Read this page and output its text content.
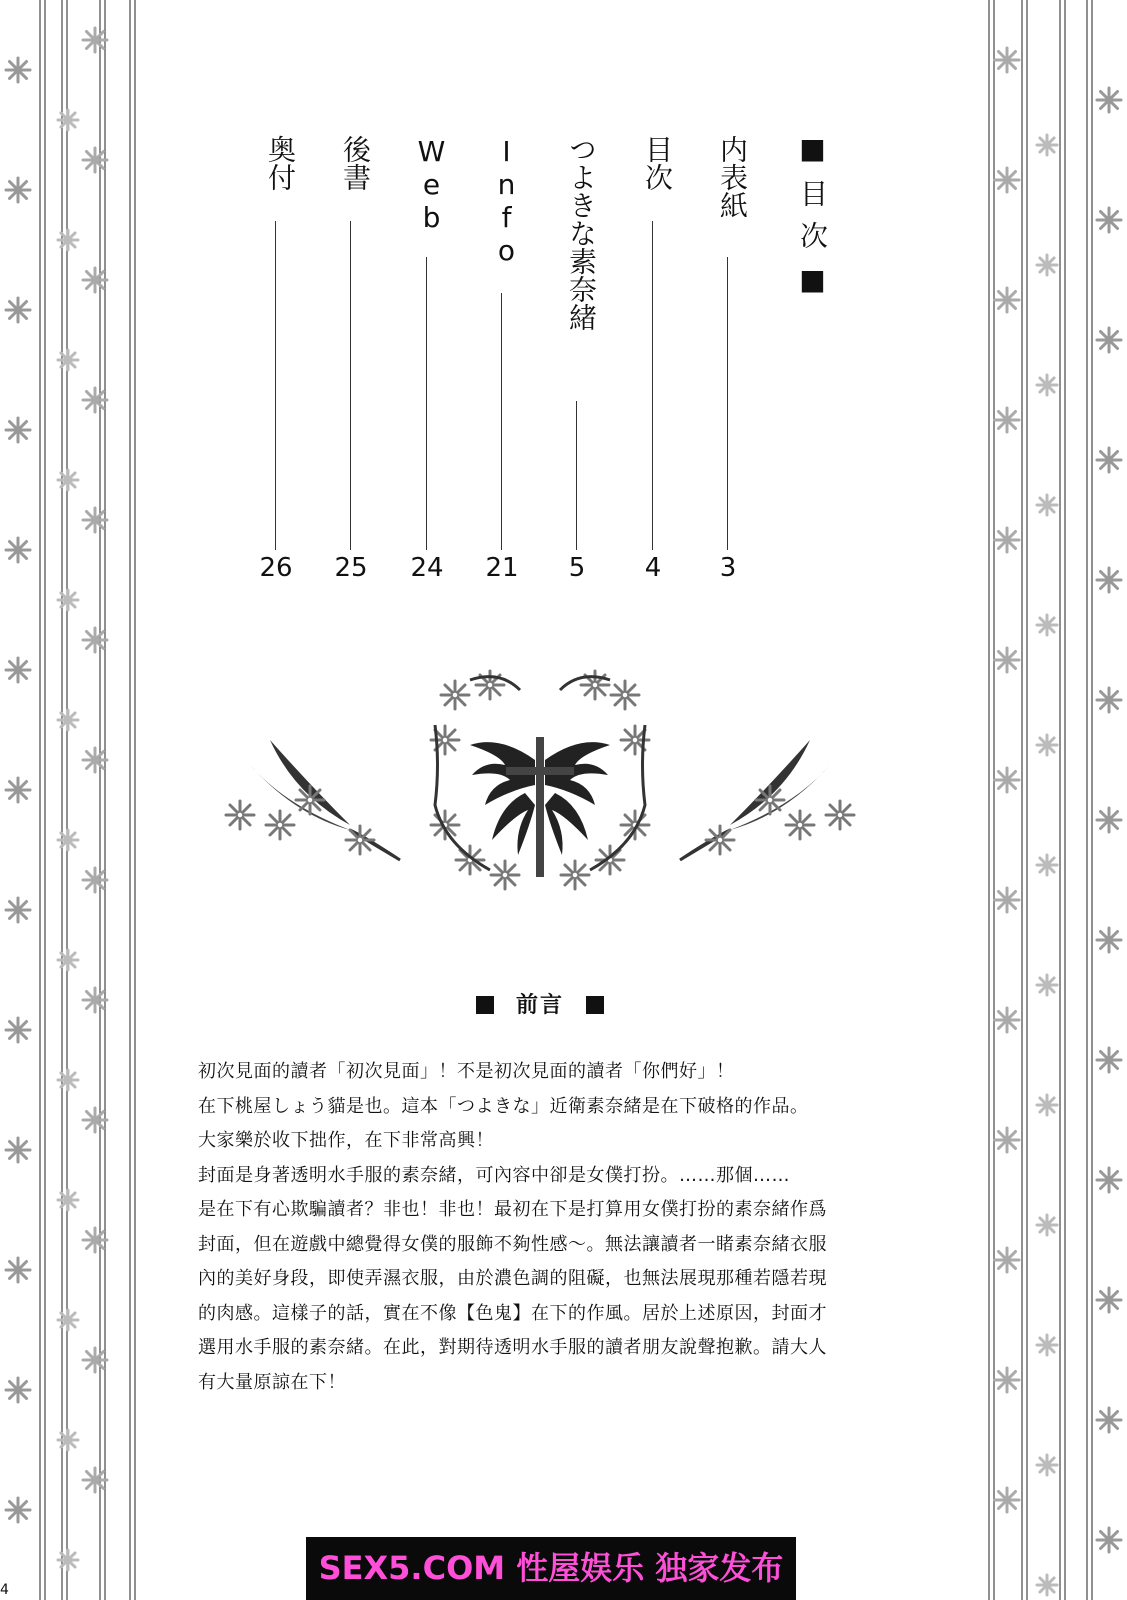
■目次■
内表紙
3
目次
4
つよきな素奈緒
5
Info
21
Web
24
後書
25
奥付
26
前言

初次見面的讀者「初次見面」！不是初次見面的讀者「你們好」！

在下桃屋しょう貓是也。這本「つよきな」近衛素奈緒是在下破格的作品。

大家樂於收下拙作，在下非常高興！

封面是身著透明水手服的素奈緒，可內容中卻是女僕打扮。……那個……

是在下有心欺騙讀者？非也！非也！最初在下是打算用女僕打扮的素奈緒作爲

封面，但在遊戲中總覺得女僕的服飾不夠性感～。無法讓讀者一睹素奈緒衣服

內的美好身段，即使弄濕衣服，由於濃色調的阻礙，也無法展現那種若隱若現

的肉感。這樣子的話，實在不像【色鬼】在下的作風。居於上述原因，封面才

選用水手服的素奈緒。在此，對期待透明水手服的讀者朋友說聲抱歉。請大人

有大量原諒在下！

SEX5.COM 性屋娱乐 独家发布
4
